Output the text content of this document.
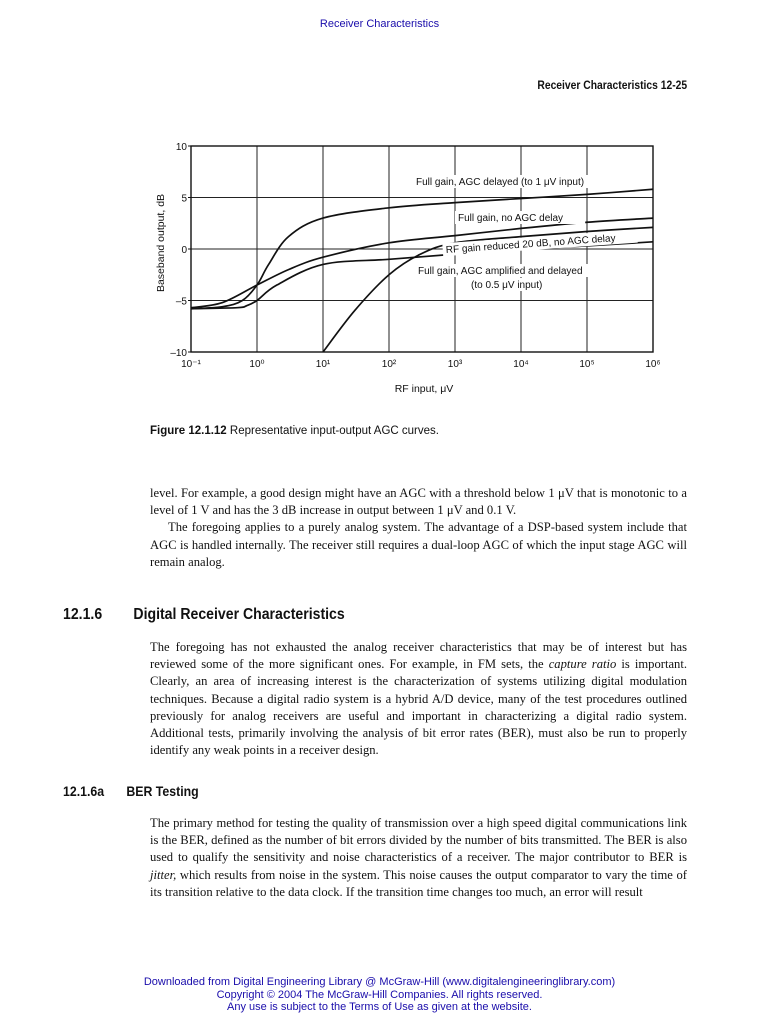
Receiver Characteristics
Receiver Characteristics 12-25
Full gain, AGC delayed (to 1 μV input)
Full gain, no AGC delay
RF gain reduced 20 dB, no AGC delay
Full gain, AGC amplified and delayed
(to 0.5 μV input)
10
5
0
–5
–10
10⁻¹	10⁰	10¹	10²	10³	10⁴	10⁵	10⁶
RF input, μV
Baseband output, dB
Figure 12.1.12 Representative input-output AGC curves.

level. For example, a good design might have an AGC with a threshold below 1 μV that is monotonic to a level of 1 V and has the 3 dB increase in output between 1 μV and 0.1 V.

The foregoing applies to a purely analog system. The advantage of a DSP-based system include that AGC is handled internally. The receiver still requires a dual-loop AGC of which the input stage AGC will remain analog.

12.1.6 Digital Receiver Characteristics

The foregoing has not exhausted the analog receiver characteristics that may be of interest but has reviewed some of the more significant ones. For example, in FM sets, the capture ratio is important. Clearly, an area of increasing interest is the characterization of systems utilizing digital modulation techniques. Because a digital radio system is a hybrid A/D device, many of the test procedures outlined previously for analog receivers are useful and important in characterizing a digital radio system. Additional tests, primarily involving the analysis of bit error rates (BER), must also be run to properly identify any weak points in a receiver design.

12.1.6a BER Testing

The primary method for testing the quality of transmission over a high speed digital communications link is the BER, defined as the number of bit errors divided by the number of bits transmitted. The BER is also used to qualify the sensitivity and noise characteristics of a receiver. The major contributor to BER is jitter, which results from noise in the system. This noise causes the output comparator to vary the time of its transition relative to the data clock. If the transition time changes too much, an error will result

Downloaded from Digital Engineering Library @ McGraw-Hill (www.digitalengineeringlibrary.com)
Copyright © 2004 The McGraw-Hill Companies. All rights reserved.
Any use is subject to the Terms of Use as given at the website.
